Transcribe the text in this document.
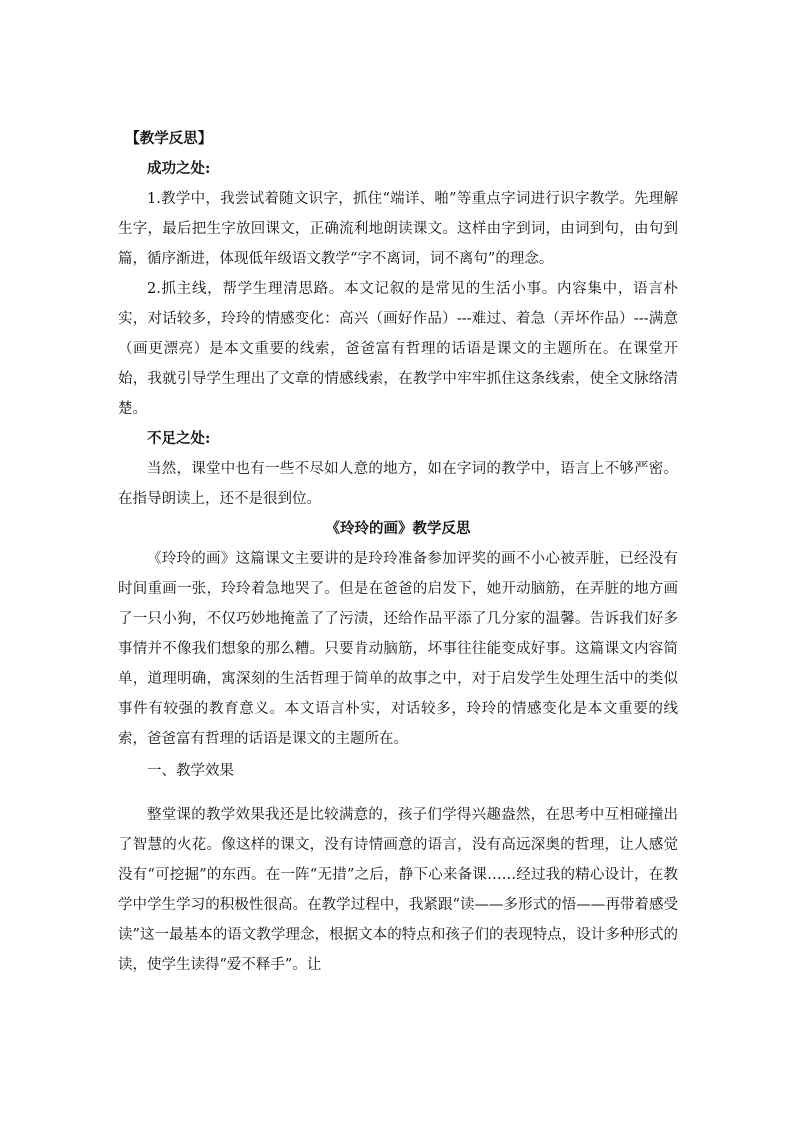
【教学反思】

成功之处:

1.教学中，我尝试着随文识字，抓住“端详、啪”等重点字词进行识字教学。先理解生字，最后把生字放回课文，正确流利地朗读课文。这样由字到词，由词到句，由句到篇，循序渐进，体现低年级语文教学“字不离词，词不离句”的理念。

2.抓主线，帮学生理清思路。本文记叙的是常见的生活小事。内容集中，语言朴实，对话较多，玲玲的情感变化：高兴（画好作品）---难过、着急（弄坏作品）---满意（画更漂亮）是本文重要的线索，爸爸富有哲理的话语是课文的主题所在。在课堂开始，我就引导学生理出了文章的情感线索，在教学中牢牢抓住这条线索，使全文脉络清楚。

不足之处:

当然，课堂中也有一些不尽如人意的地方，如在字词的教学中，语言上不够严密。在指导朗读上，还不是很到位。

《玲玲的画》教学反思

《玲玲的画》这篇课文主要讲的是玲玲准备参加评奖的画不小心被弄脏，已经没有时间重画一张，玲玲着急地哭了。但是在爸爸的启发下，她开动脑筋，在弄脏的地方画了一只小狗，不仅巧妙地掩盖了了污渍，还给作品平添了几分家的温馨。告诉我们好多事情并不像我们想象的那么糟。只要肯动脑筋，坏事往往能变成好事。这篇课文内容简单，道理明确，寓深刻的生活哲理于简单的故事之中，对于启发学生处理生活中的类似事件有较强的教育意义。本文语言朴实，对话较多，玲玲的情感变化是本文重要的线索，爸爸富有哲理的话语是课文的主题所在。

一、教学效果

整堂课的教学效果我还是比较满意的，孩子们学得兴趣盎然，在思考中互相碰撞出了智慧的火花。像这样的课文，没有诗情画意的语言，没有高远深奥的哲理，让人感觉没有“可挖掘”的东西。在一阵“无措”之后，静下心来备课……经过我的精心设计，在教学中学生学习的积极性很高。在教学过程中，我紧跟“读——多形式的悟——再带着感受读”这一最基本的语文教学理念，根据文本的特点和孩子们的表现特点，设计多种形式的读，使学生读得“爱不释手”。让
